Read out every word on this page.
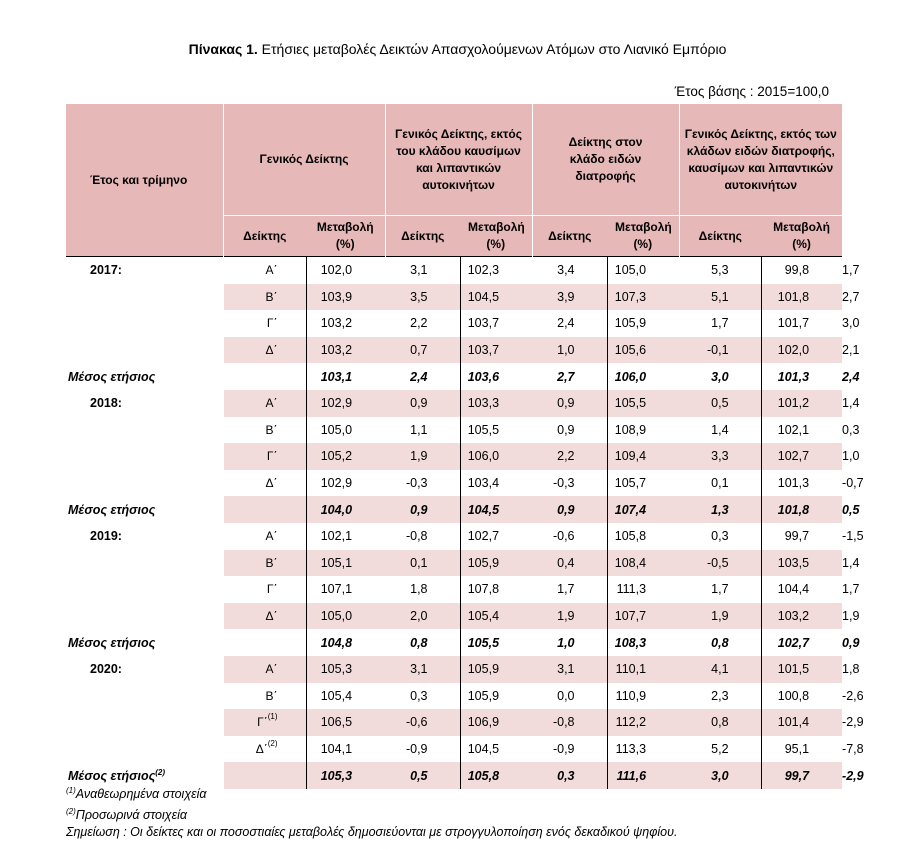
Πίνακας 1. Ετήσιες μεταβολές Δεικτών Απασχολούμενων Ατόμων στο Λιανικό Εμπόριο
Έτος βάσης : 2015=100,0
Έτος και τρίμηνο	Γενικός Δείκτης		Γενικός Δείκτης, εκτός του κλάδου καυσίμων και λιπαντικών αυτοκινήτων		Δείκτης στον κλάδο ειδών διατροφής		Γενικός Δείκτης, εκτός των κλάδων ειδών διατροφής, καυσίμων και λιπαντικών αυτοκινήτων		

	Δείκτης	Μεταβολή (%)	Δείκτης	Μεταβολή (%)	Δείκτης	Μεταβολή (%)	Δείκτης	Μεταβολή (%)	

2017:	Α΄	102,0	3,1	102,3	3,4	105,0	5,3	99,8	1,7
	Β΄	103,9	3,5	104,5	3,9	107,3	5,1	101,8	2,7
	Γ΄	103,2	2,2	103,7	2,4	105,9	1,7	101,7	3,0
	Δ΄	103,2	0,7	103,7	1,0	105,6	-0,1	102,0	2,1
Μέσος ετήσιος		103,1	2,4	103,6	2,7	106,0	3,0	101,3	2,4
2018:	Α΄	102,9	0,9	103,3	0,9	105,5	0,5	101,2	1,4
	Β΄	105,0	1,1	105,5	0,9	108,9	1,4	102,1	0,3
	Γ΄	105,2	1,9	106,0	2,2	109,4	3,3	102,7	1,0
	Δ΄	102,9	-0,3	103,4	-0,3	105,7	0,1	101,3	-0,7
Μέσος ετήσιος		104,0	0,9	104,5	0,9	107,4	1,3	101,8	0,5
2019:	Α΄	102,1	-0,8	102,7	-0,6	105,8	0,3	99,7	-1,5
	Β΄	105,1	0,1	105,9	0,4	108,4	-0,5	103,5	1,4
	Γ΄	107,1	1,8	107,8	1,7	111,3	1,7	104,4	1,7
	Δ΄	105,0	2,0	105,4	1,9	107,7	1,9	103,2	1,9
Μέσος ετήσιος		104,8	0,8	105,5	1,0	108,3	0,8	102,7	0,9
2020:	Α΄	105,3	3,1	105,9	3,1	110,1	4,1	101,5	1,8
	Β΄	105,4	0,3	105,9	0,0	110,9	2,3	100,8	-2,6
	Γ΄$^{(1)}$	106,5	-0,6	106,9	-0,8	112,2	0,8	101,4	-2,9
	Δ΄$^{(2)}$	104,1	-0,9	104,5	-0,9	113,3	5,2	95,1	-7,8
Μέσος ετήσιος$^{(2)}$		105,3	0,5	105,8	0,3	111,6	3,0	99,7	-2,9
$^{(1)}$Αναθεωρημένα στοιχεία
$^{(2)}$Προσωρινά στοιχεία
Σημείωση : Οι δείκτες και οι ποσοστιαίες μεταβολές δημοσιεύονται με στρογγυλοποίηση ενός δεκαδικού ψηφίου.
